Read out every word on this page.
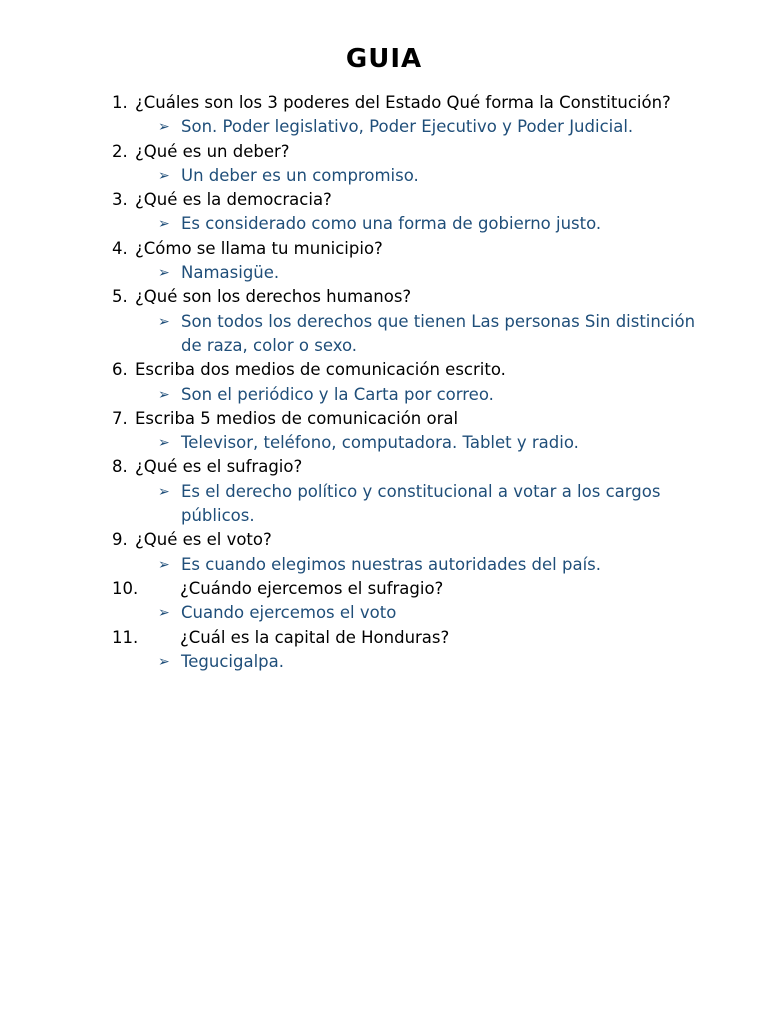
GUIA
1. ¿Cuáles son los 3 poderes del Estado Qué forma la Constitución?
➢ Son. Poder legislativo, Poder Ejecutivo y Poder Judicial.
2. ¿Qué es un deber?
➢ Un deber es un compromiso.
3. ¿Qué es la democracia?
➢ Es considerado como una forma de gobierno justo.
4. ¿Cómo se llama tu municipio?
➢ Namasigüe.
5. ¿Qué son los derechos humanos?
➢ Son todos los derechos que tienen Las personas Sin distinción de raza, color o sexo.
6. Escriba dos medios de comunicación escrito.
➢ Son el periódico y la Carta por correo.
7. Escriba 5 medios de comunicación oral
➢ Televisor, teléfono, computadora. Tablet y radio.
8. ¿Qué es el sufragio?
➢ Es el derecho político y constitucional a votar a los cargos públicos.
9. ¿Qué es el voto?
➢ Es cuando elegimos nuestras autoridades del país.
10.	¿Cuándo ejercemos el sufragio?
➢ Cuando ejercemos el voto
11.	¿Cuál es la capital de Honduras?
➢ Tegucigalpa.
